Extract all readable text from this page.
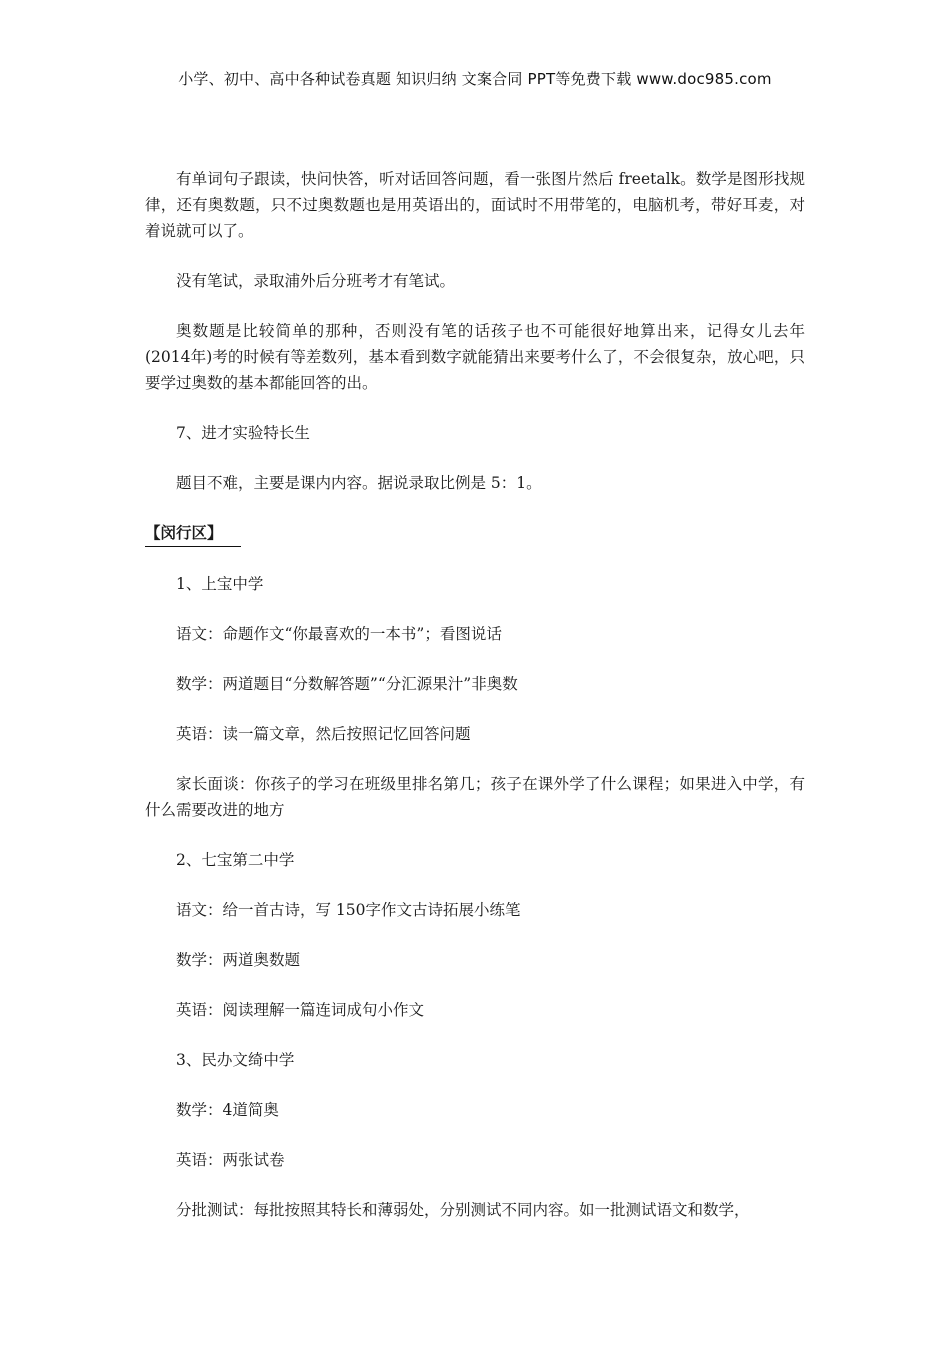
小学、初中、高中各种试卷真题 知识归纳 文案合同 PPT等免费下载 www.doc985.com

有单词句子跟读，快问快答，听对话回答问题，看一张图片然后 freetalk。数学是图形找规律，还有奥数题，只不过奥数题也是用英语出的，面试时不用带笔的，电脑机考，带好耳麦，对着说就可以了。

没有笔试，录取浦外后分班考才有笔试。

奥数题是比较简单的那种，否则没有笔的话孩子也不可能很好地算出来，记得女儿去年(2014年)考的时候有等差数列，基本看到数字就能猜出来要考什么了，不会很复杂，放心吧，只要学过奥数的基本都能回答的出。

7、进才实验特长生

题目不难，主要是课内内容。据说录取比例是 5：1。

【闵行区】

1、上宝中学

语文：命题作文“你最喜欢的一本书”；看图说话

数学：两道题目“分数解答题”“分汇源果汁”非奥数

英语：读一篇文章，然后按照记忆回答问题

家长面谈：你孩子的学习在班级里排名第几；孩子在课外学了什么课程；如果进入中学，有什么需要改进的地方

2、七宝第二中学

语文：给一首古诗，写 150字作文古诗拓展小练笔

数学：两道奥数题

英语：阅读理解一篇连词成句小作文

3、民办文绮中学

数学：4道简奥

英语：两张试卷

分批测试：每批按照其特长和薄弱处，分别测试不同内容。如一批测试语文和数学，
